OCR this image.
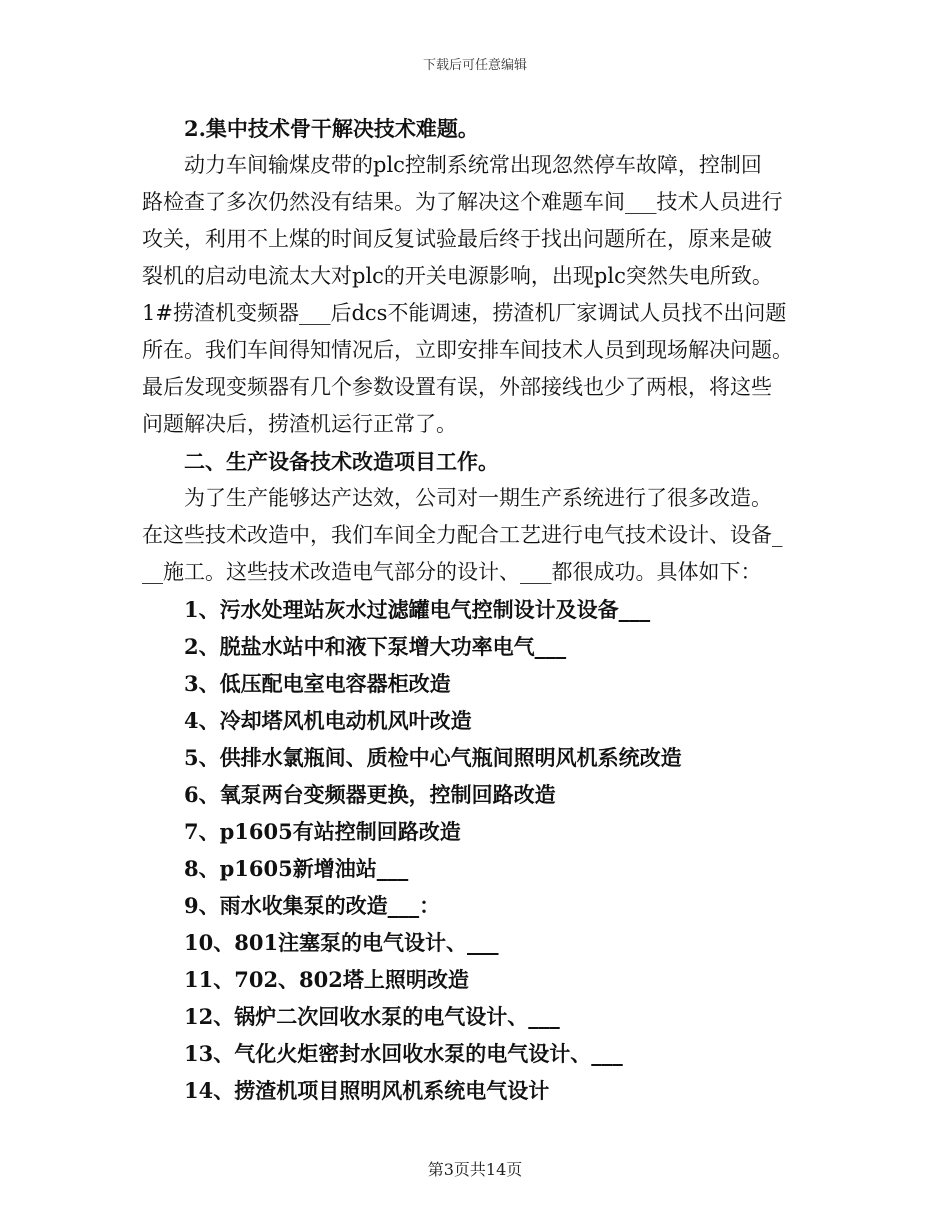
下载后可任意编辑
2.集中技术骨干解决技术难题。
动力车间输煤皮带的plc控制系统常出现忽然停车故障，控制回
路检查了多次仍然没有结果。为了解决这个难题车间___技术人员进行
攻关，利用不上煤的时间反复试验最后终于找出问题所在，原来是破
裂机的启动电流太大对plc的开关电源影响，出现plc突然失电所致。
1#捞渣机变频器___后dcs不能调速，捞渣机厂家调试人员找不出问题
所在。我们车间得知情况后，立即安排车间技术人员到现场解决问题。
最后发现变频器有几个参数设置有误，外部接线也少了两根，将这些
问题解决后，捞渣机运行正常了。
二、生产设备技术改造项目工作。
为了生产能够达产达效，公司对一期生产系统进行了很多改造。
在这些技术改造中，我们车间全力配合工艺进行电气技术设计、设备_
__施工。这些技术改造电气部分的设计、___都很成功。具体如下：
1、污水处理站灰水过滤罐电气控制设计及设备___
2、脱盐水站中和液下泵增大功率电气___
3、低压配电室电容器柜改造
4、冷却塔风机电动机风叶改造
5、供排水氯瓶间、质检中心气瓶间照明风机系统改造
6、氧泵两台变频器更换，控制回路改造
7、p1605有站控制回路改造
8、p1605新增油站___
9、雨水收集泵的改造___：
10、801注塞泵的电气设计、___
11、702、802塔上照明改造
12、锅炉二次回收水泵的电气设计、___
13、气化火炬密封水回收水泵的电气设计、___
14、捞渣机项目照明风机系统电气设计
第3页共14页
